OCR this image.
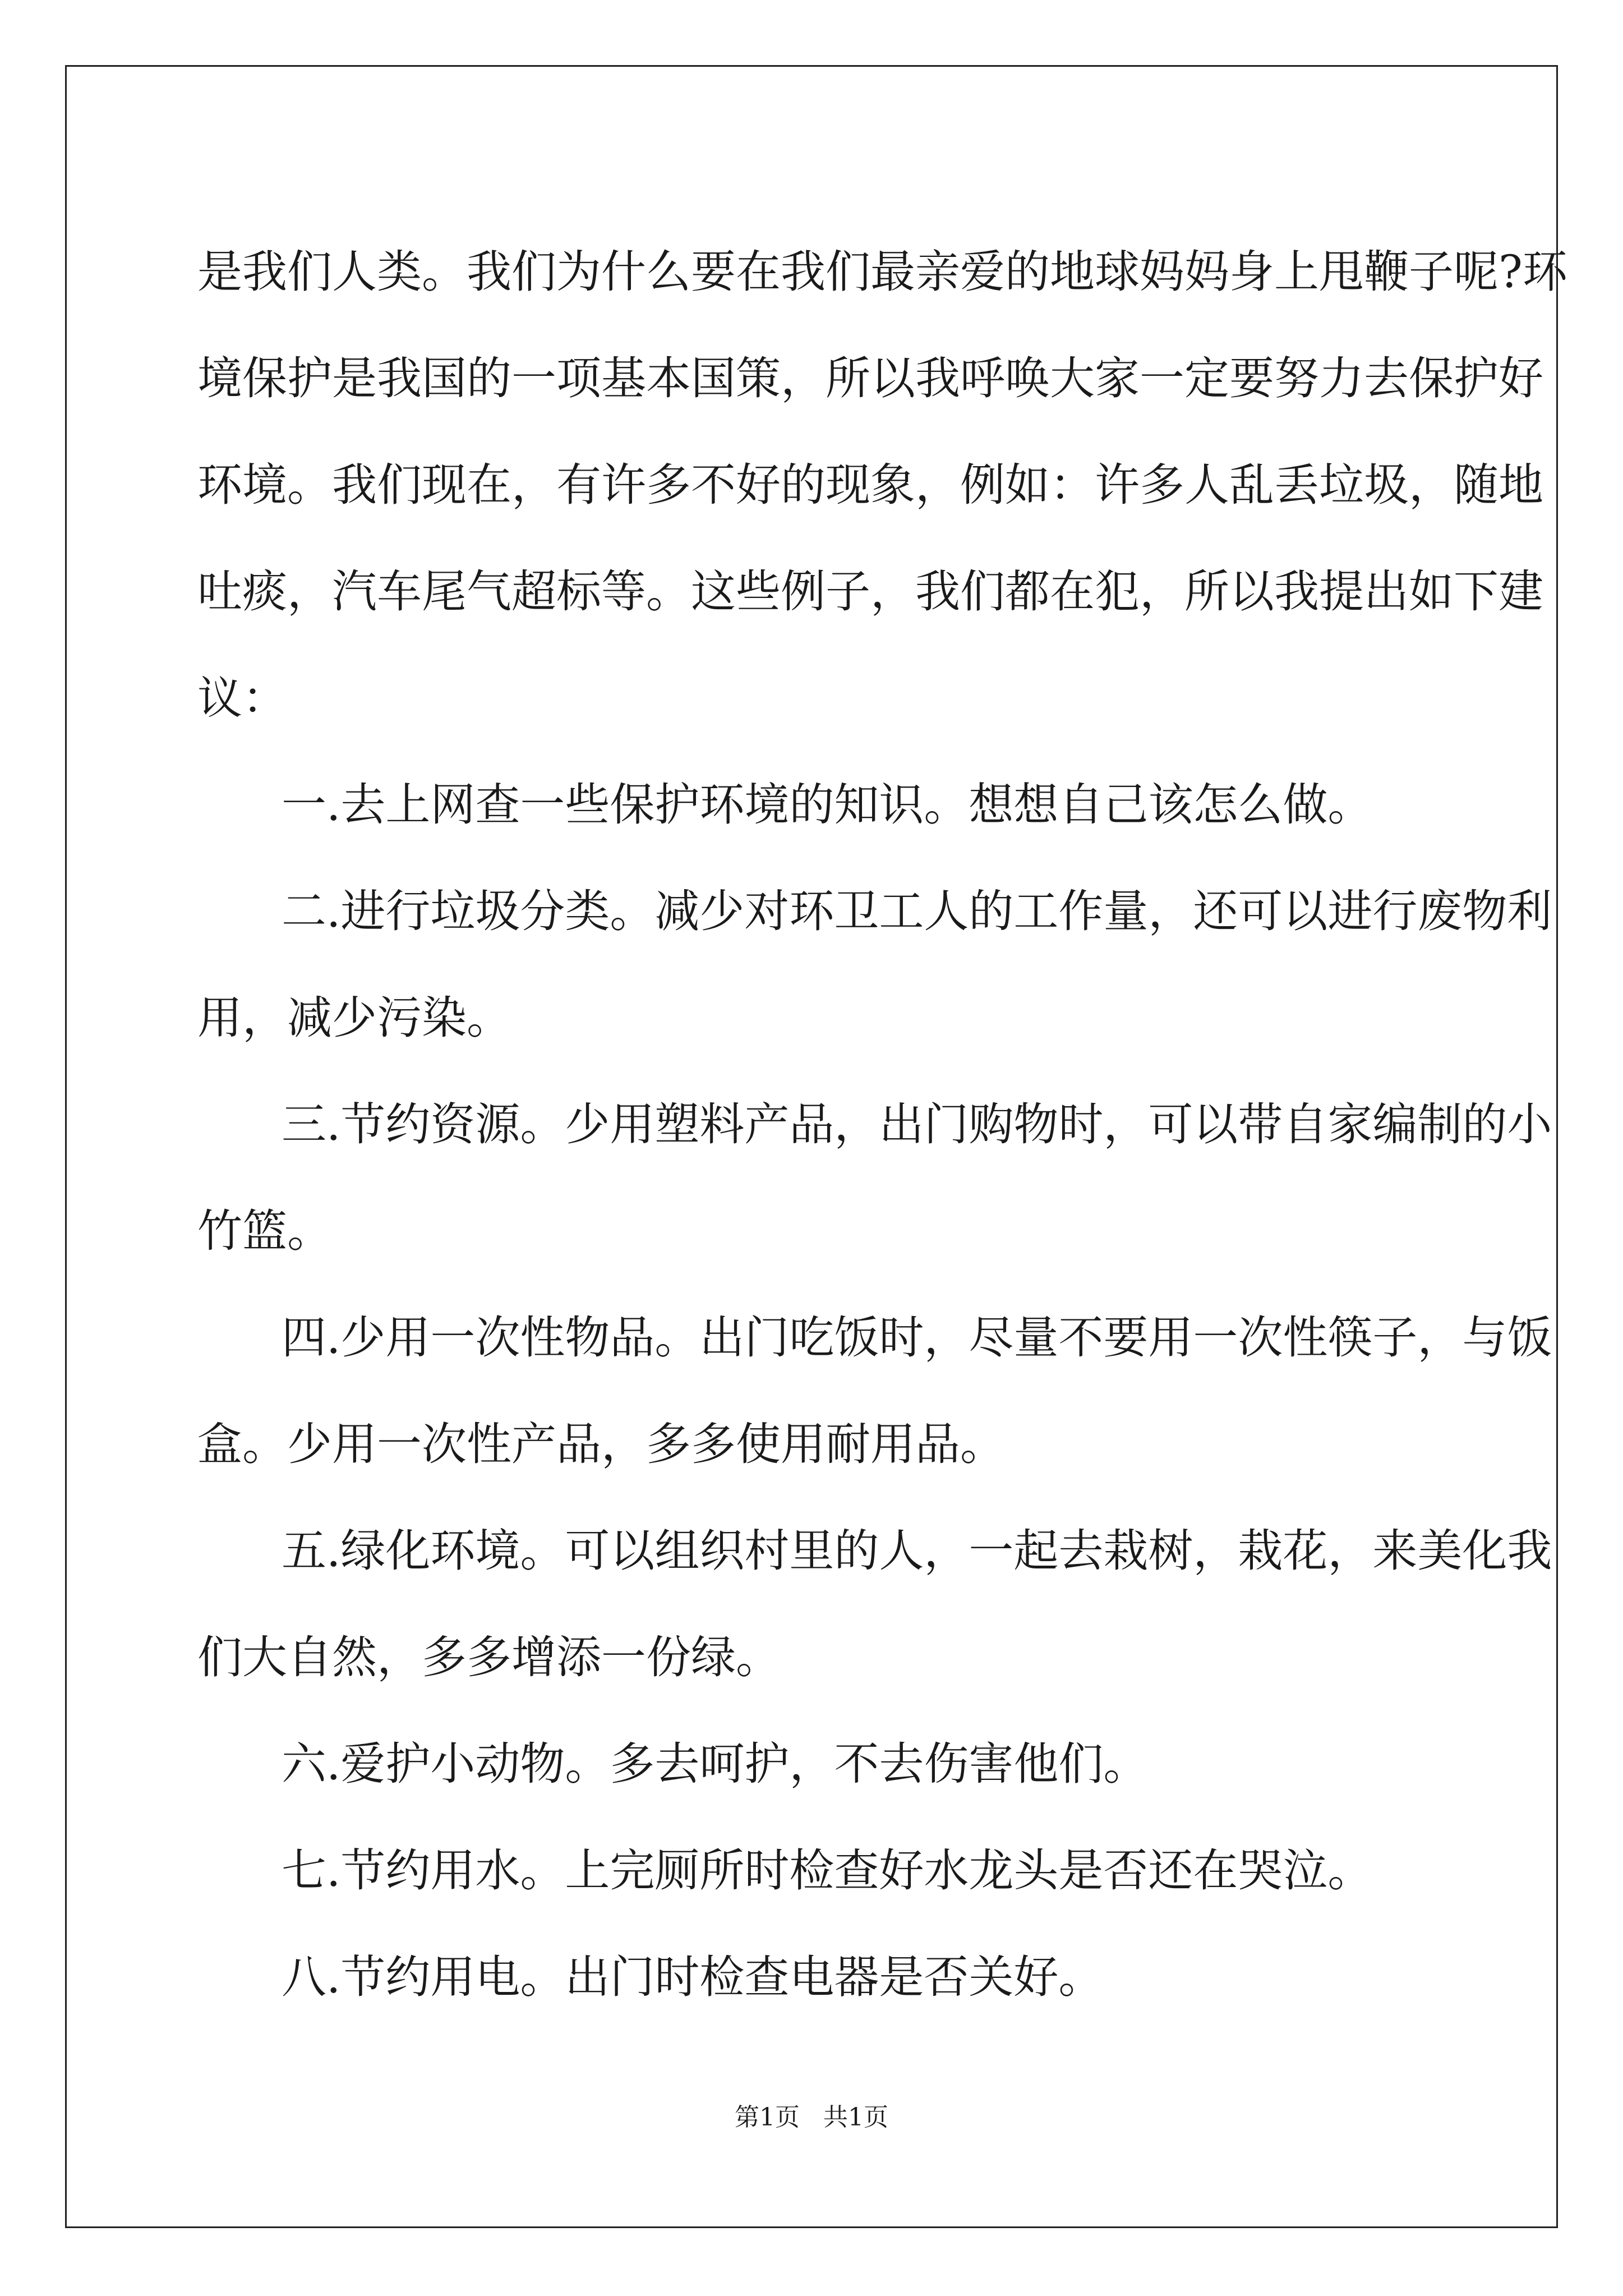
是我们人类。我们为什么要在我们最亲爱的地球妈妈身上甩鞭子呢?环
境保护是我国的一项基本国策，所以我呼唤大家一定要努力去保护好
环境。我们现在，有许多不好的现象，例如：许多人乱丢垃圾，随地
吐痰，汽车尾气超标等。这些例子，我们都在犯，所以我提出如下建
议：
一.去上网查一些保护环境的知识。想想自己该怎么做。
二.进行垃圾分类。减少对环卫工人的工作量，还可以进行废物利
用，减少污染。
三.节约资源。少用塑料产品，出门购物时，可以带自家编制的小
竹篮。
四.少用一次性物品。出门吃饭时，尽量不要用一次性筷子，与饭
盒。少用一次性产品，多多使用耐用品。
五.绿化环境。可以组织村里的人，一起去栽树，栽花，来美化我
们大自然，多多增添一份绿。
六.爱护小动物。多去呵护，不去伤害他们。
七.节约用水。上完厕所时检查好水龙头是否还在哭泣。
八.节约用电。出门时检查电器是否关好。
第1页 共1页
